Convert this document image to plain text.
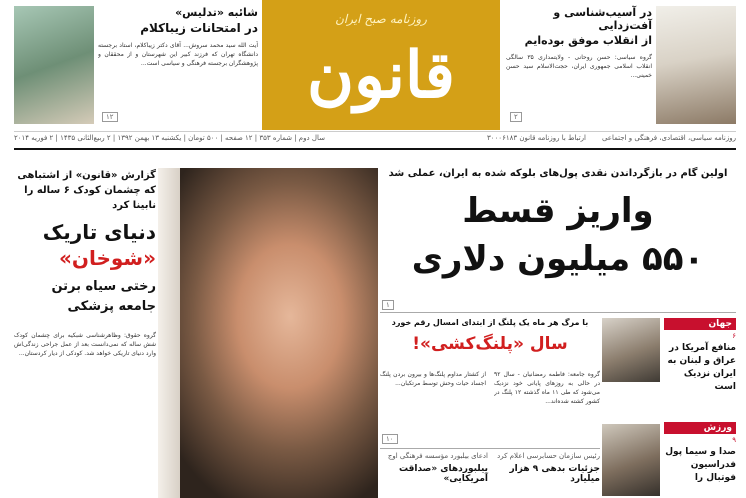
شائبه «تدلیس»
در امتحانات زیباکلام
آیت الله سید محمد سروش... آقای دکتر زیباکلام، استاد برجسته دانشگاه تهران که فرزند کبیر این شهرستان و از محققان و پژوهشگران برجسته فرهنگی و سیاسی است...
۱۲
روزنامه صبح ایران
قانون
در آسیب‌شناسی و آفت‌زدایی
از انقلاب موفق بوده‌ایم
گروه سیاسی: حسن روحانی - ولایتمداری ۳۵ سالگی انقلاب اسلامی جمهوری ایران، حجت‌الاسلام سید حسن خمینی...
۲
روزنامه سیاسی، اقتصادی، فرهنگی و اجتماعی
ارتباط با روزنامه قانون ۳۰۰۰۶۱۸۳
سال دوم | شماره ۳۵۳ | ۱۲ صفحه | ۵۰۰ تومان | یکشنبه ۱۳ بهمن ۱۳۹۲ | ۲ ربیع‌الثانی ۱۴۳۵ | ۲ فوریه ۲۰۱۴
گزارش «قانون» از اشتباهی که چشمان کودک ۶ ساله را نابینا کرد
دنیای تاریک
«شوخان»
رختی سیاه برتن جامعه پزشکی
گروه حقوق: وظاهرشناسی شبکیه برای چشمان کودک شش ساله که نمی‌دانست بعد از عمل جراحی زندگی‌اش وارد دنیای تاریکی خواهد شد. کودکی از دیار کردستان...
اولین گام در بازگرداندن نقدی پول‌های بلوکه شده به ایران، عملی شد
واریز قسط
۵۵۰ میلیون دلاری
۱
با مرگ هر ماه یک پلنگ از ابتدای امسال رقم خورد
سال «پلنگ‌کشی»!
گروه جامعه: فاطمه رمضانیان - سال ۹۲ در حالی به روزهای پایانی خود نزدیک می‌شود که طی ۱۱ ماه گذشته ۱۲ پلنگ در کشور کشته شده‌اند...
از کشتار مداوم پلنگ‌ها و بیرون بردن پلنگ اجساد حیات وحش توسط مرتکبان...
۱۰
ادعای بیلبورد مؤسسه فرهنگی اوج
بیلبوردهای «صداقت آمریکایی»
رئیس سازمان حسابرسی اعلام کرد
جزئیات بدهی ۹ هزار میلیارد
جهان
۶
منافع آمریکا در عراق و لبنان به ایران نزدیک است
ورزش
۹
صدا و سیما پول فدراسیون فوتبال را
